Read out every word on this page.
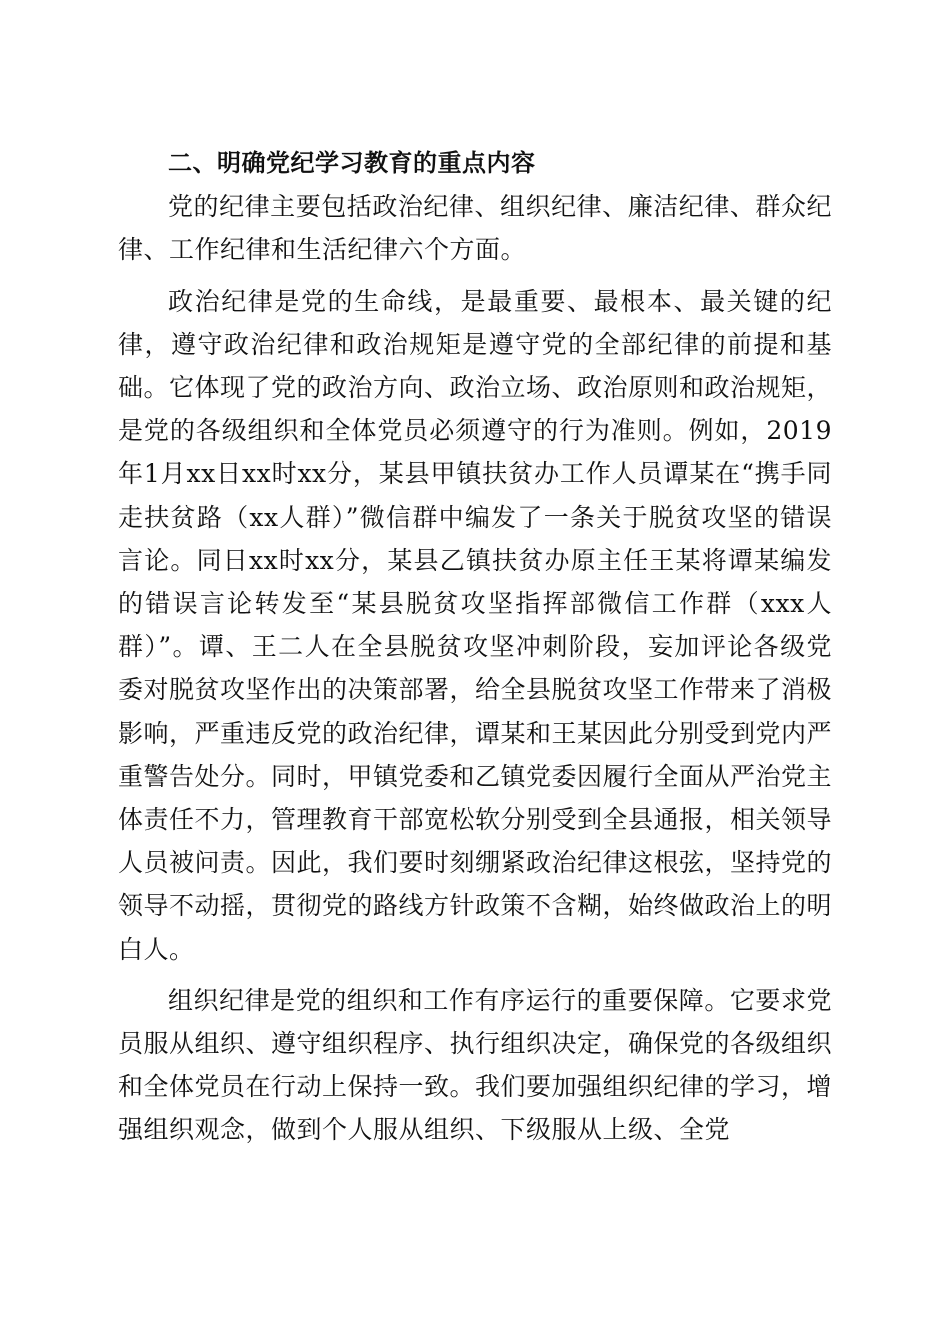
二、明确党纪学习教育的重点内容

党的纪律主要包括政治纪律、组织纪律、廉洁纪律、群众纪律、工作纪律和生活纪律六个方面。

政治纪律是党的生命线，是最重要、最根本、最关键的纪律，遵守政治纪律和政治规矩是遵守党的全部纪律的前提和基础。它体现了党的政治方向、政治立场、政治原则和政治规矩，是党的各级组织和全体党员必须遵守的行为准则。例如，2019年1月xx日xx时xx分，某县甲镇扶贫办工作人员谭某在“携手同走扶贫路（xx人群）”微信群中编发了一条关于脱贫攻坚的错误言论。同日xx时xx分，某县乙镇扶贫办原主任王某将谭某编发的错误言论转发至“某县脱贫攻坚指挥部微信工作群（xxx人群）”。谭、王二人在全县脱贫攻坚冲刺阶段，妄加评论各级党委对脱贫攻坚作出的决策部署，给全县脱贫攻坚工作带来了消极影响，严重违反党的政治纪律，谭某和王某因此分别受到党内严重警告处分。同时，甲镇党委和乙镇党委因履行全面从严治党主体责任不力，管理教育干部宽松软分别受到全县通报，相关领导人员被问责。因此，我们要时刻绷紧政治纪律这根弦，坚持党的领导不动摇，贯彻党的路线方针政策不含糊，始终做政治上的明白人。

组织纪律是党的组织和工作有序运行的重要保障。它要求党员服从组织、遵守组织程序、执行组织决定，确保党的各级组织和全体党员在行动上保持一致。我们要加强组织纪律的学习，增强组织观念，做到个人服从组织、下级服从上级、全党
